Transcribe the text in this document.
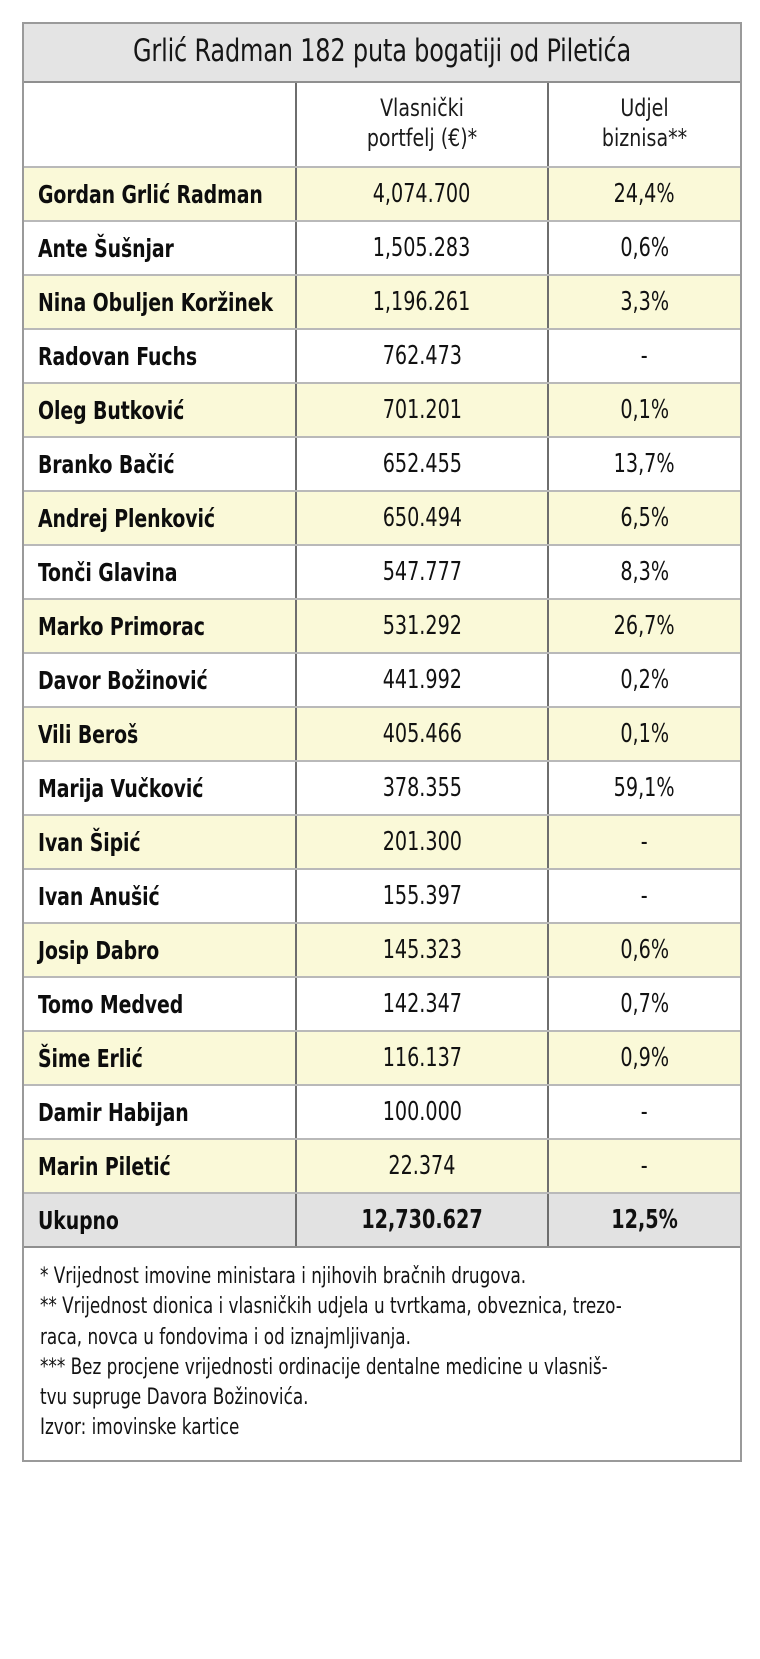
Grlić Radman 182 puta bogatiji od Piletića

Vlasnički
portfelj (€)*

Udjel
biznisa**

Gordan Grlić Radman	4,074.700	24,4%
Ante Šušnjar	1,505.283	0,6%
Nina Obuljen Koržinek	1,196.261	3,3%
Radovan Fuchs	762.473	-
Oleg Butković	701.201	0,1%
Branko Bačić	652.455	13,7%
Andrej Plenković	650.494	6,5%
Tonči Glavina	547.777	8,3%
Marko Primorac	531.292	26,7%
Davor Božinović	441.992	0,2%
Vili Beroš	405.466	0,1%
Marija Vučković	378.355	59,1%
Ivan Šipić	201.300	-
Ivan Anušić	155.397	-
Josip Dabro	145.323	0,6%
Tomo Medved	142.347	0,7%
Šime Erlić	116.137	0,9%
Damir Habijan	100.000	-
Marin Piletić	22.374	-
Ukupno	12,730.627	12,5%
* Vrijednost imovine ministara i njihovih bračnih drugova.
** Vrijednost dionica i vlasničkih udjela u tvrtkama, obveznica, trezo-
raca, novca u fondovima i od iznajmljivanja.
*** Bez procjene vrijednosti ordinacije dentalne medicine u vlasniš-
tvu supruge Davora Božinovića.
Izvor: imovinske kartice
